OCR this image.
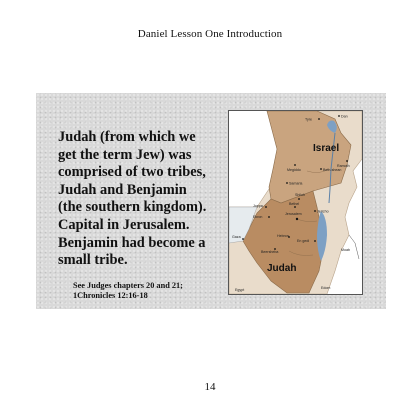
Daniel Lesson One Introduction
Judah (from which we
get the term Jew) was
comprised of two tribes,
Judah and Benjamin
(the southern kingdom).
Capital in Jerusalem.
Benjamin had become a
small tribe.
See Judges chapters 20 and 21;
1Chronicles 12:16-18
Israel
Judah
Tyre
Dan
Ramoth
Megiddo	Beth-shean
Samaria
Shiloh
Joppa	Bethel
Ekron
Jericho
Jerusalem
Gaza	Hebron
En gedi
Beersheba	Moab
Egypt	Edom
14
